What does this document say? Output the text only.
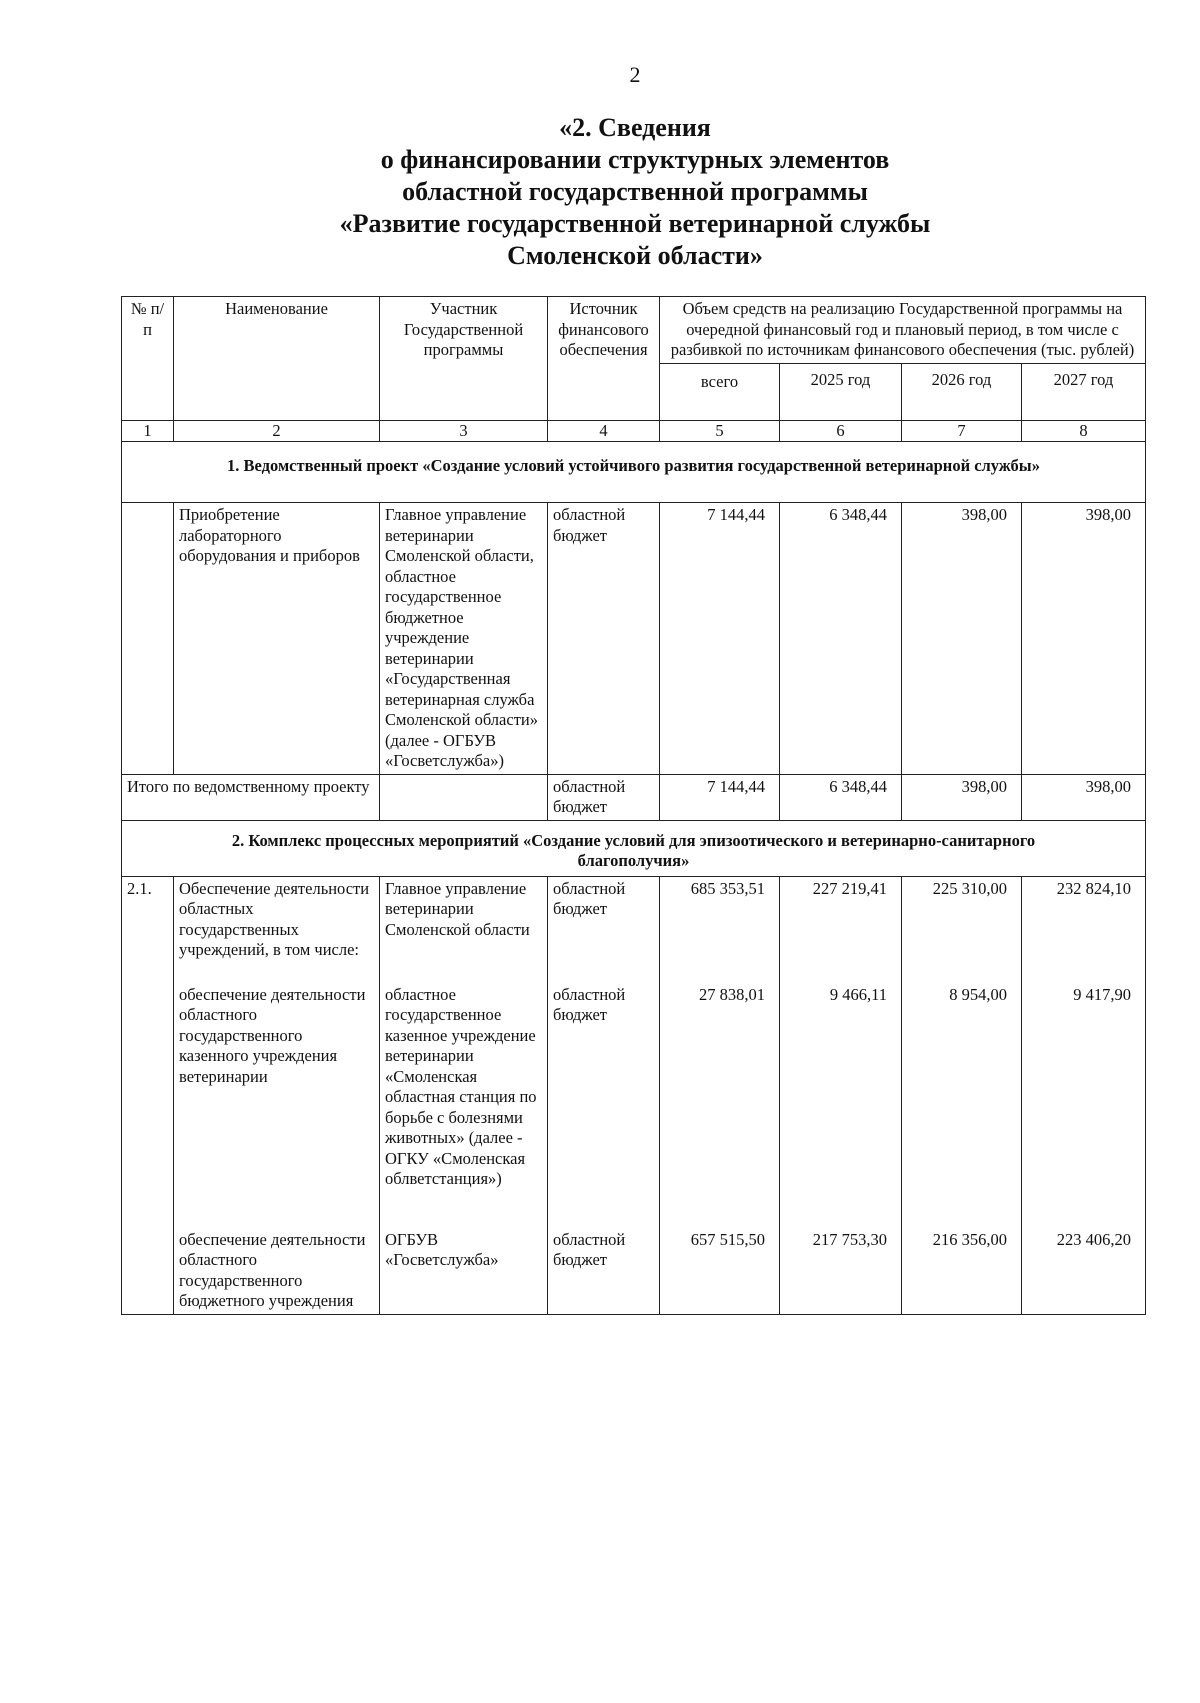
2
«2. Сведения
о финансировании структурных элементов
областной государственной программы
«Развитие государственной ветеринарной службы
Смоленской области»
№ п/п	Наименование	Участник Государственной программы	Источник финансового обеспечения	Объем средств на реализацию Государственной программы на очередной финансовый год и плановый период, в том числе с разбивкой по источникам финансового обеспечения (тыс. рублей)			
				всего	2025 год	2026 год	2027 год
1	2	3	4	5	6	7	8
1. Ведомственный проект «Создание условий устойчивого развития государственной ветеринарной службы»							
	Приобретение лабораторного оборудования и приборов	Главное управление ветеринарии Смоленской области, областное государственное бюджетное учреждение ветеринарии «Государственная ветеринарная служба Смоленской области» (далее - ОГБУВ «Госветслужба»)	областной бюджет	7 144,44	6 348,44	398,00	398,00
Итого по ведомственному проекту			областной бюджет	7 144,44	6 348,44	398,00	398,00
2. Комплекс процессных мероприятий «Создание условий для эпизоотического и ветеринарно-санитарного благополучия»							
2.1.	Обеспечение деятельности областных государственных учреждений, в том числе:	Главное управление ветеринарии Смоленской области	областной бюджет	685 353,51	227 219,41	225 310,00	232 824,10
	обеспечение деятельности областного государственного казенного учреждения ветеринарии	областное государственное казенное учреждение ветеринарии «Смоленская областная станция по борьбе с болезнями животных» (далее - ОГКУ «Смоленская облветстанция»)	областной бюджет	27 838,01	9 466,11	8 954,00	9 417,90
	обеспечение деятельности областного государственного бюджетного учреждения	ОГБУВ «Госветслужба»	областной бюджет	657 515,50	217 753,30	216 356,00	223 406,20
